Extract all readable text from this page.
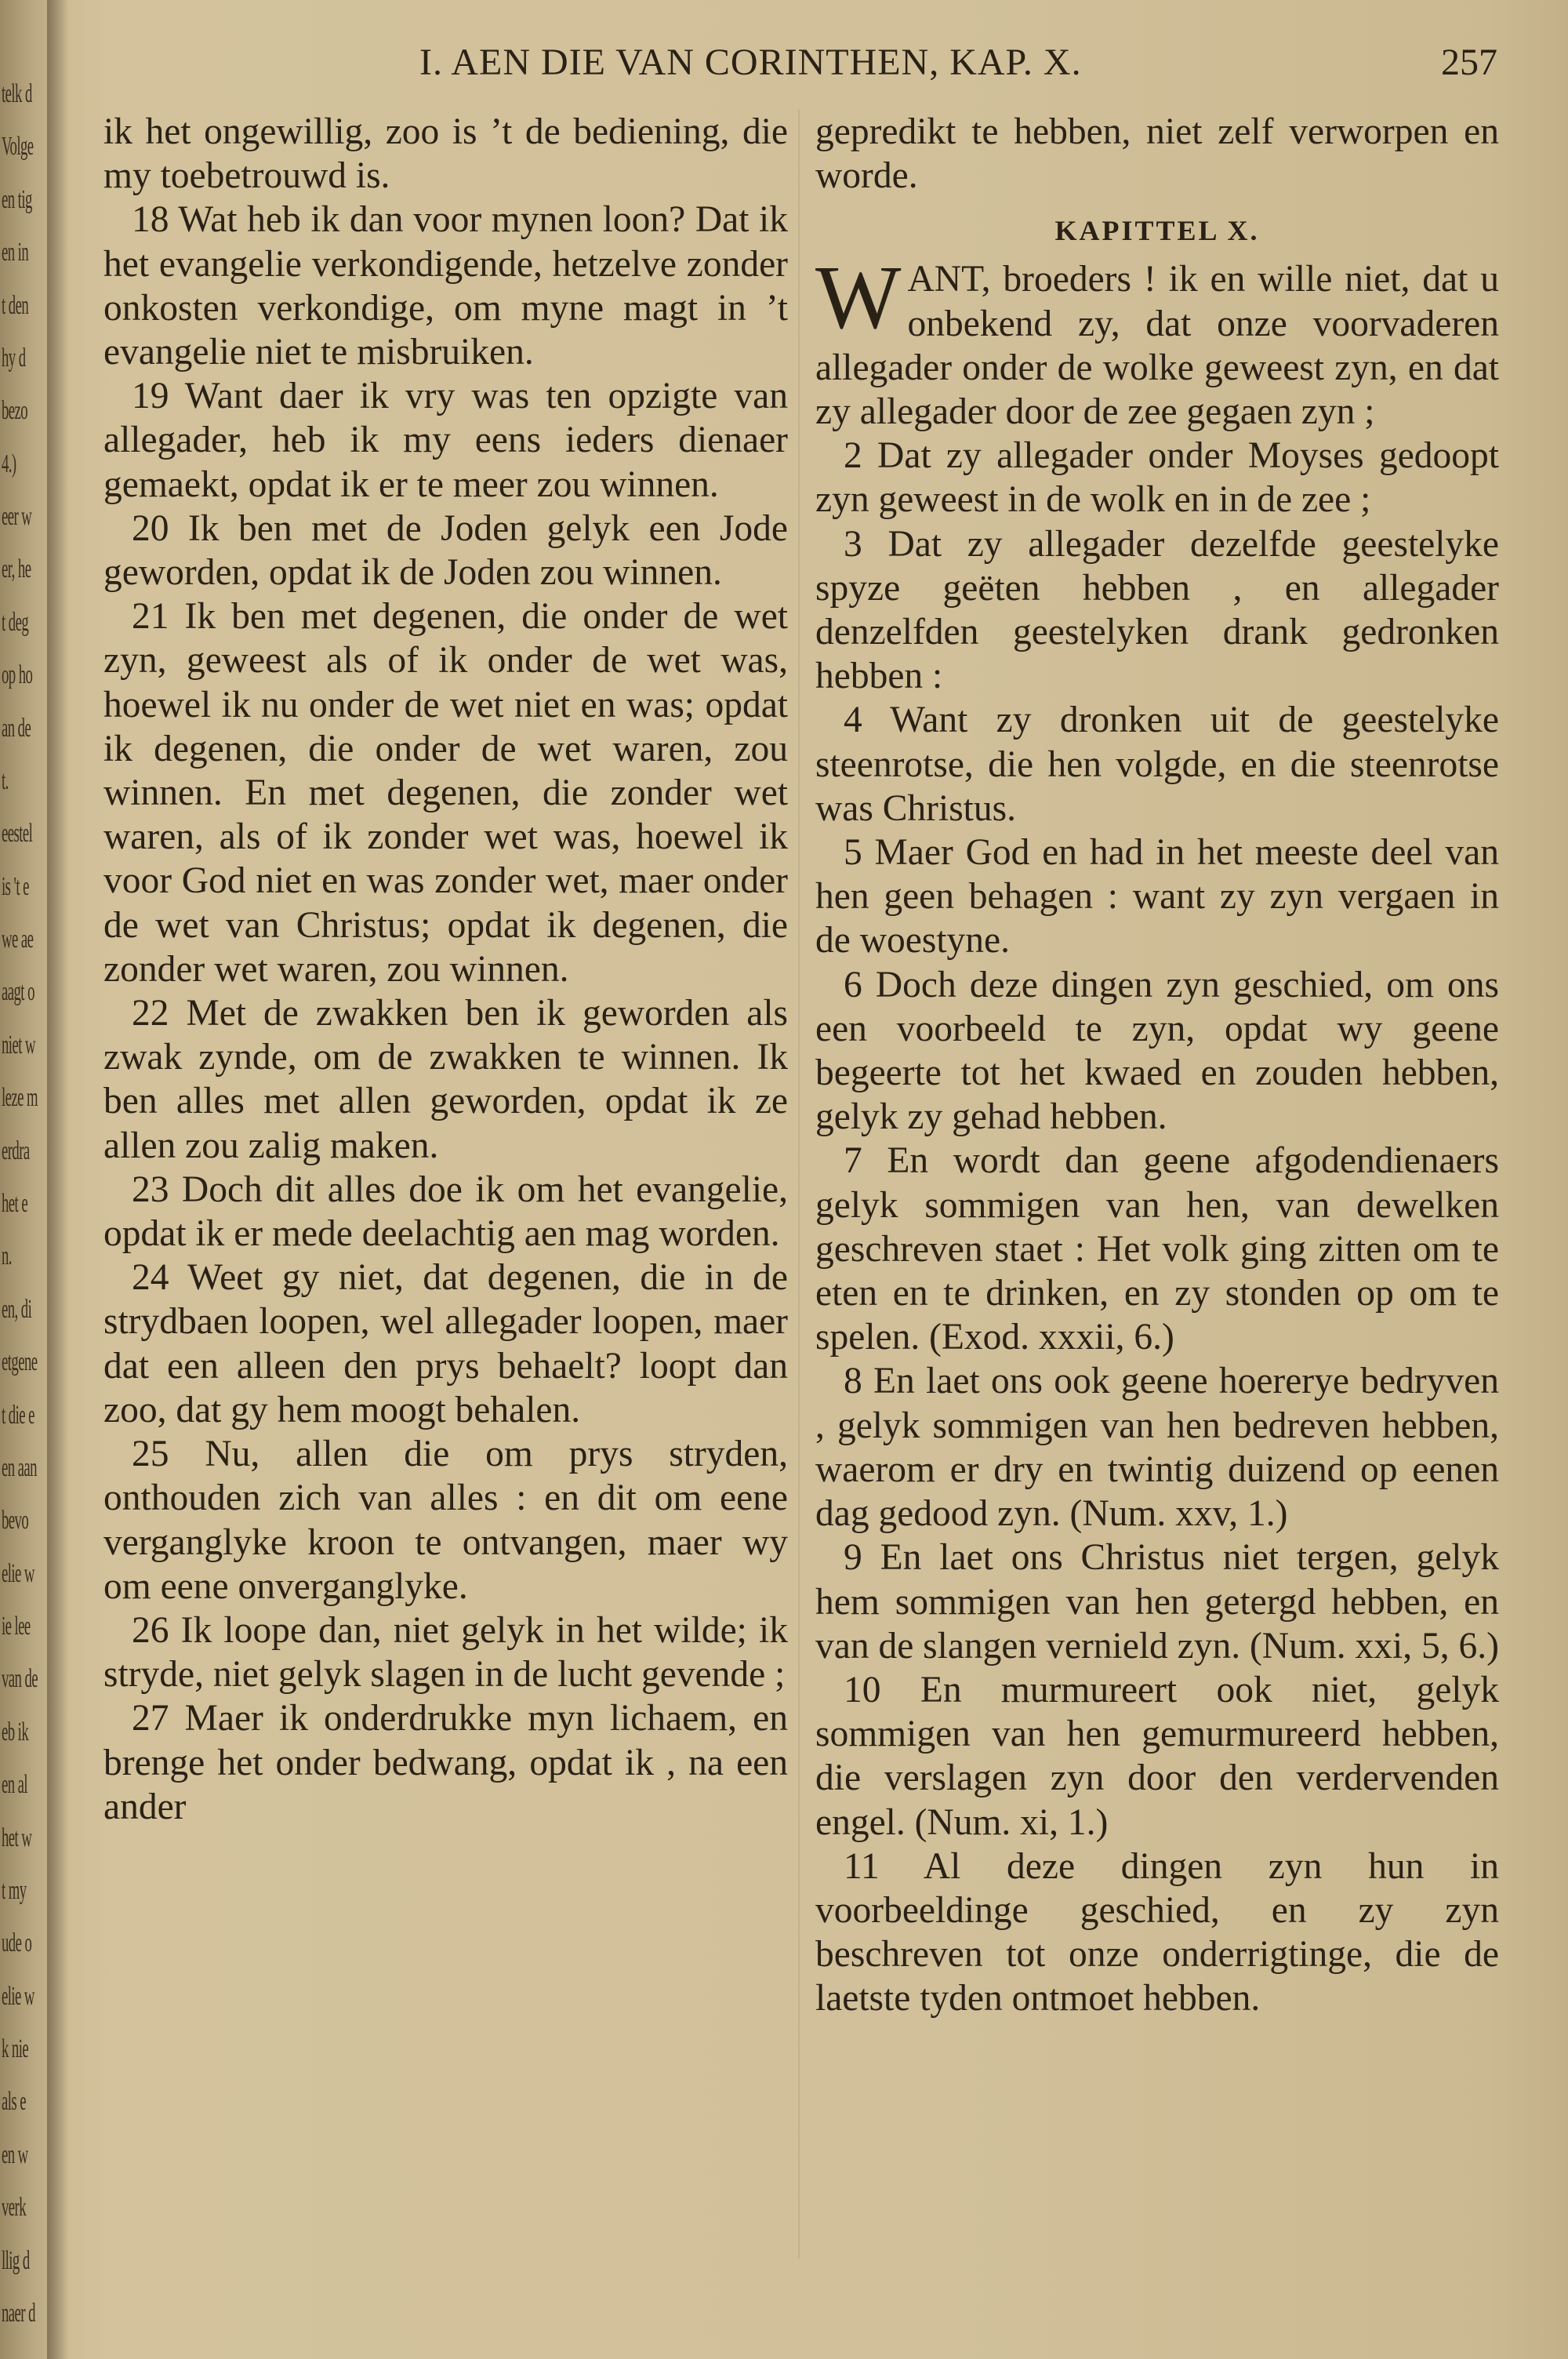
telk d
Volge
en tig
en in
t den
hy d
bezo
4.)
eer w
er, he
t deg
op ho
an de
t.
eestel
is 't e
we ae
aagt o
niet w
leze m
erdra
het e
n.
en, di
etgene
t die e
en aan
bevo
elie w
ie lee
van de
eb ik
en al
het w
t my
ude o
elie w
k nie
als e
en w
verk
llig d
naer d
I. AEN DIE VAN CORINTHEN, KAP. X.	257

ik het ongewillig, zoo is ’t de bediening, die my toebetrouwd is.

18 Wat heb ik dan voor mynen loon? Dat ik het evangelie verkondigende, hetzelve zonder onkosten verkondige, om myne magt in ’t evangelie niet te misbruiken.

19 Want daer ik vry was ten opzigte van allegader, heb ik my eens ieders dienaer gemaekt, opdat ik er te meer zou winnen.

20 Ik ben met de Joden gelyk een Jode geworden, opdat ik de Joden zou winnen.

21 Ik ben met degenen, die onder de wet zyn, geweest als of ik onder de wet was, hoewel ik nu onder de wet niet en was; opdat ik degenen, die onder de wet waren, zou winnen. En met degenen, die zonder wet waren, als of ik zonder wet was, hoewel ik voor God niet en was zonder wet, maer onder de wet van Christus; opdat ik degenen, die zonder wet waren, zou winnen.

22 Met de zwakken ben ik geworden als zwak zynde, om de zwakken te winnen. Ik ben alles met allen geworden, opdat ik ze allen zou zalig maken.

23 Doch dit alles doe ik om het evangelie, opdat ik er mede deelachtig aen mag worden.

24 Weet gy niet, dat degenen, die in de strydbaen loopen, wel allegader loopen, maer dat een alleen den prys behaelt? loopt dan zoo, dat gy hem moogt behalen.

25 Nu, allen die om prys stryden, onthouden zich van alles : en dit om eene verganglyke kroon te ontvangen, maer wy om eene onverganglyke.

26 Ik loope dan, niet gelyk in het wilde; ik stryde, niet gelyk slagen in de lucht gevende ;

27 Maer ik onderdrukke myn lichaem, en brenge het onder bedwang, opdat ik , na een ander

gepredikt te hebben, niet zelf verworpen en worde.

KAPITTEL X.

WANT, broeders ! ik en wille niet, dat u onbekend zy, dat onze voorvaderen allegader onder de wolke geweest zyn, en dat zy allegader door de zee gegaen zyn ;

2 Dat zy allegader onder Moyses gedoopt zyn geweest in de wolk en in de zee ;

3 Dat zy allegader dezelfde geestelyke spyze geëten hebben , en allegader denzelfden geestelyken drank gedronken hebben :

4 Want zy dronken uit de geestelyke steenrotse, die hen volgde, en die steenrotse was Christus.

5 Maer God en had in het meeste deel van hen geen behagen : want zy zyn vergaen in de woestyne.

6 Doch deze dingen zyn geschied, om ons een voorbeeld te zyn, opdat wy geene begeerte tot het kwaed en zouden hebben, gelyk zy gehad hebben.

7 En wordt dan geene afgodendienaers gelyk sommigen van hen, van dewelken geschreven staet : Het volk ging zitten om te eten en te drinken, en zy stonden op om te spelen. (Exod. xxxii, 6.)

8 En laet ons ook geene hoererye bedryven , gelyk sommigen van hen bedreven hebben, waerom er dry en twintig duizend op eenen dag gedood zyn. (Num. xxv, 1.)

9 En laet ons Christus niet tergen, gelyk hem sommigen van hen getergd hebben, en van de slangen vernield zyn. (Num. xxi, 5, 6.)

10 En murmureert ook niet, gelyk sommigen van hen gemurmureerd hebben, die verslagen zyn door den verdervenden engel. (Num. xi, 1.)

11 Al deze dingen zyn hun in voorbeeldinge geschied, en zy zyn beschreven tot onze onderrigtinge, die de laetste tyden ontmoet hebben.
